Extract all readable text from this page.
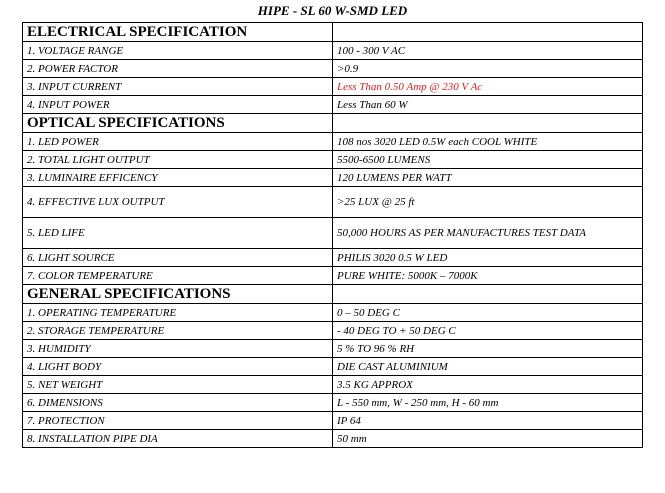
HIPE - SL 60 W-SMD LED
ELECTRICAL SPECIFICATION	
1. VOLTAGE RANGE	100 - 300 V AC
2. POWER FACTOR	>0.9
3. INPUT CURRENT	Less Than 0.50 Amp @ 230 V Ac
4. INPUT POWER	Less Than 60 W
OPTICAL SPECIFICATIONS	
1. LED POWER	108 nos 3020 LED 0.5W each COOL WHITE
2. TOTAL LIGHT OUTPUT	5500-6500 LUMENS
3. LUMINAIRE EFFICENCY	120 LUMENS PER WATT
4. EFFECTIVE LUX OUTPUT	>25 LUX @ 25 ft
5. LED LIFE	50,000 HOURS AS PER MANUFACTURES TEST DATA
6. LIGHT SOURCE	PHILIS 3020 0.5 W LED
7. COLOR TEMPERATURE	PURE WHITE: 5000K – 7000K
GENERAL SPECIFICATIONS	
1. OPERATING TEMPERATURE	0 – 50 DEG C
2. STORAGE TEMPERATURE	- 40 DEG TO + 50 DEG C
3. HUMIDITY	5 % TO 96 % RH
4. LIGHT BODY	DIE CAST ALUMINIUM
5. NET WEIGHT	3.5 KG APPROX
6. DIMENSIONS	L - 550 mm, W - 250 mm, H - 60 mm
7. PROTECTION	IP 64
8. INSTALLATION PIPE DIA	50 mm
